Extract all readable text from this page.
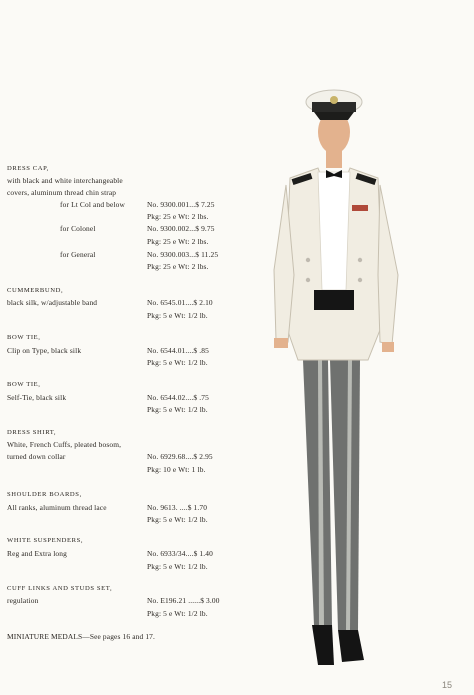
DRESS CAP,
with black and white interchangeable
covers, aluminum thread chin strap
for Lt Col and below	No. 9300.001...$ 7.25
Pkg: 25 e Wt: 2 lbs.
for Colonel	No. 9300.002...$ 9.75
Pkg: 25 e Wt: 2 lbs.
for General	No. 9300.003...$ 11.25
Pkg: 25 e Wt: 2 lbs.
CUMMERBUND,
black silk, w/adjustable band	No. 6545.01....$ 2.10
Pkg: 5 e Wt: 1/2 lb.
BOW TIE,
Clip on Type, black silk	No. 6544.01....$ .85
Pkg: 5 e Wt: 1/2 lb.
BOW TIE,
Self-Tie, black silk	No. 6544.02....$ .75
Pkg: 5 e Wt: 1/2 lb.
DRESS SHIRT,
White, French Cuffs, pleated bosom,
turned down collar	No. 6929.68....$ 2.95
Pkg: 10 e Wt: 1 lb.
SHOULDER BOARDS,
All ranks, aluminum thread lace	No. 9613. ....$ 1.70
Pkg: 5 e Wt: 1/2 lb.
WHITE SUSPENDERS,
Reg and Extra long	No. 6933/34....$ 1.40
Pkg: 5 e Wt: 1/2 lb.
CUFF LINKS AND STUDS SET,
regulation	No. E196.21 ......$ 3.00
Pkg: 5 e Wt: 1/2 lb.
MINIATURE MEDALS—See pages 16 and 17.
15
